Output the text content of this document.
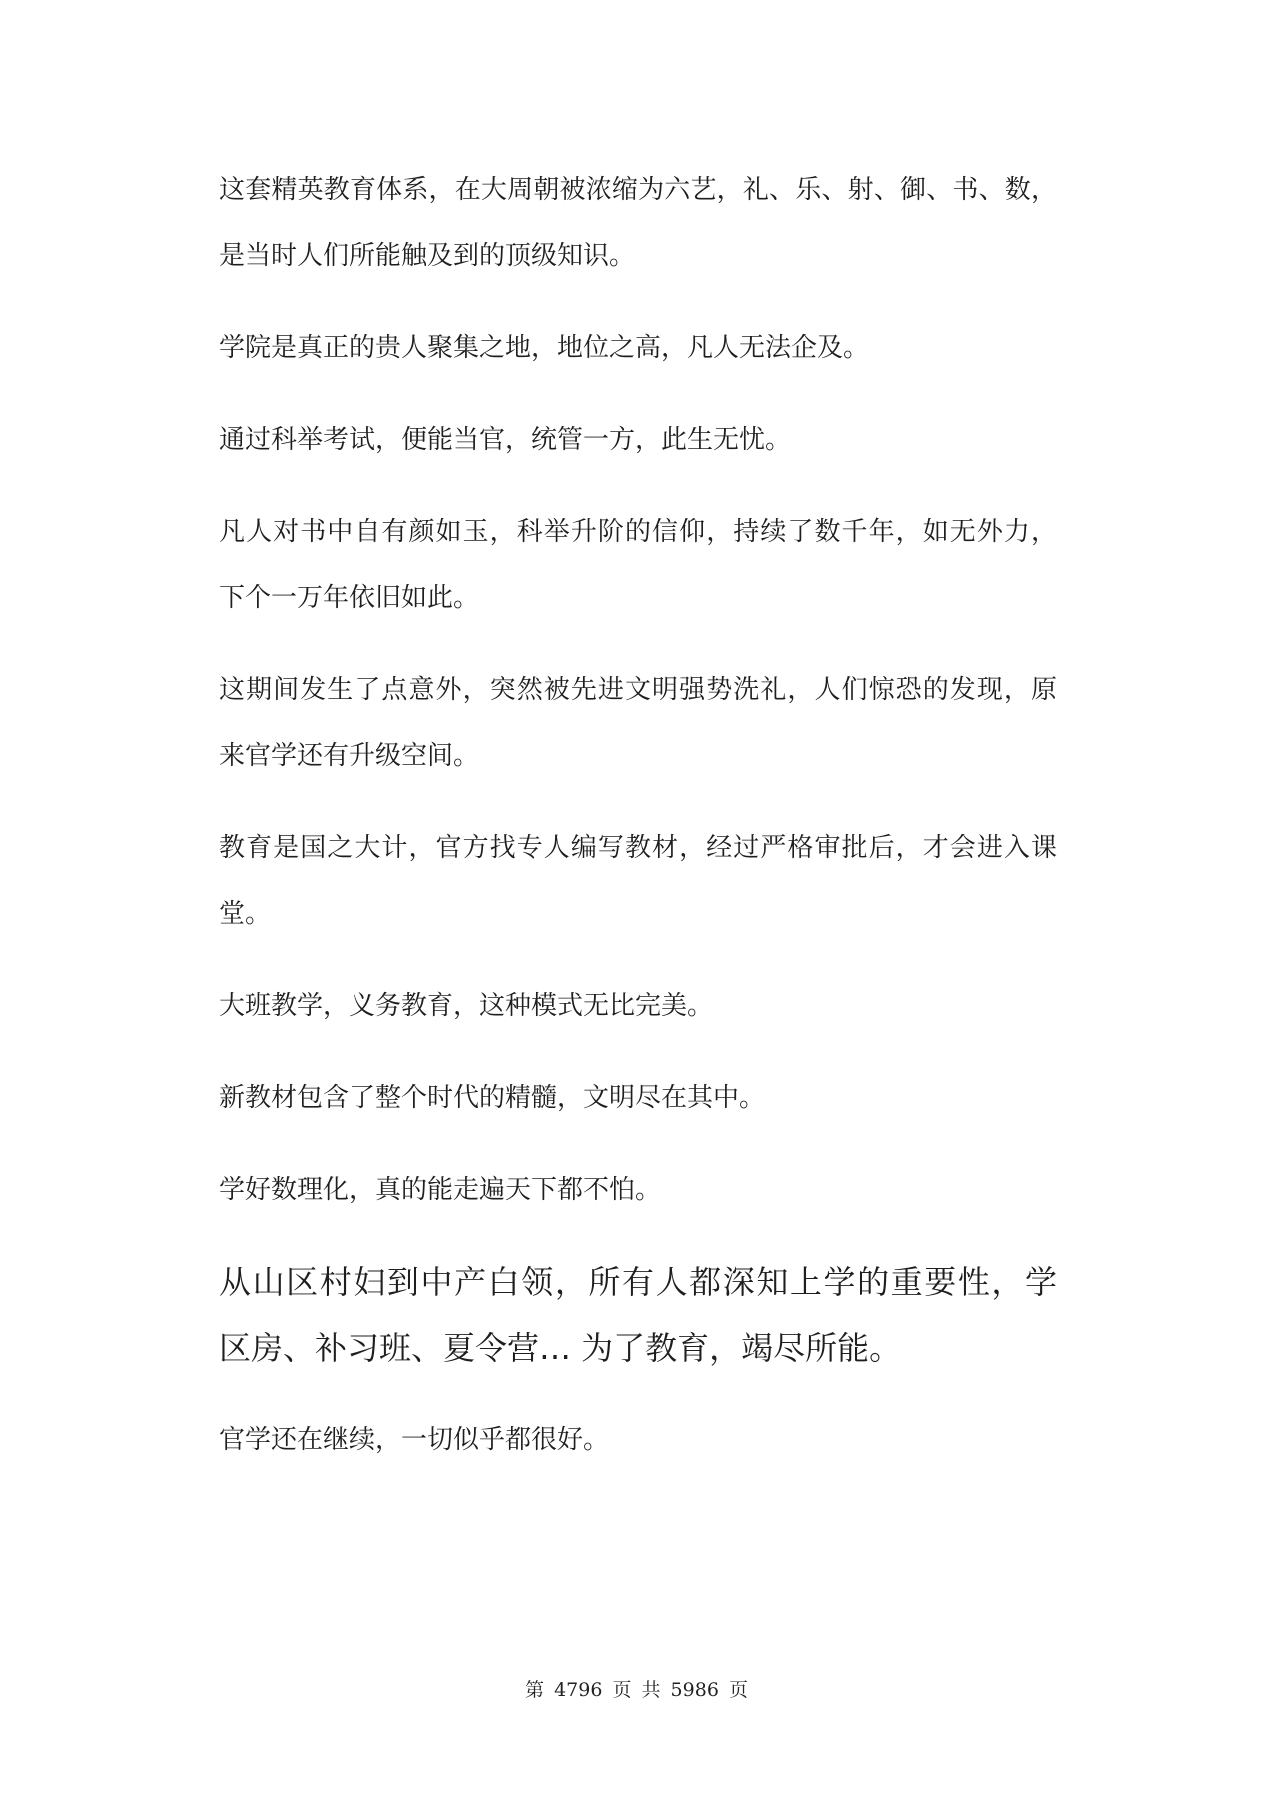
这套精英教育体系，在大周朝被浓缩为六艺，礼、乐、射、御、书、数，
是当时人们所能触及到的顶级知识。

学院是真正的贵人聚集之地，地位之高，凡人无法企及。

通过科举考试，便能当官，统管一方，此生无忧。

凡人对书中自有颜如玉，科举升阶的信仰，持续了数千年，如无外力，
下个一万年依旧如此。

这期间发生了点意外，突然被先进文明强势洗礼，人们惊恐的发现，原
来官学还有升级空间。

教育是国之大计，官方找专人编写教材，经过严格审批后，才会进入课
堂。

大班教学，义务教育，这种模式无比完美。

新教材包含了整个时代的精髓，文明尽在其中。

学好数理化，真的能走遍天下都不怕。

从山区村妇到中产白领，所有人都深知上学的重要性，学
区房、补习班、夏令营… 为了教育，竭尽所能。

官学还在继续，一切似乎都很好。

第 4796 页 共 5986 页
